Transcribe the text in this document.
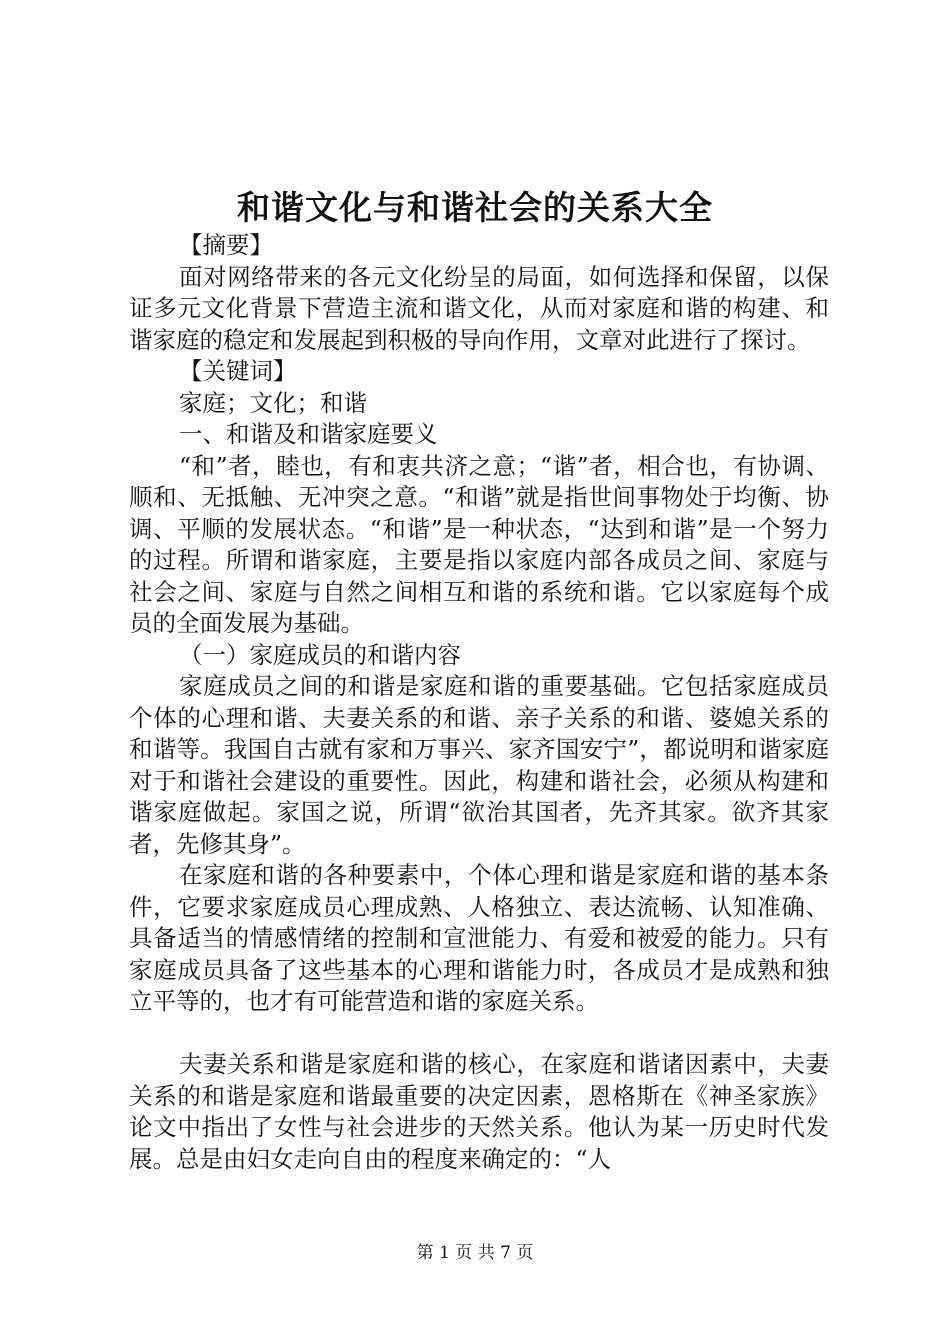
和谐文化与和谐社会的关系大全

【摘要】

面对网络带来的各元文化纷呈的局面，如何选择和保留，以保证多元文化背景下营造主流和谐文化，从而对家庭和谐的构建、和谐家庭的稳定和发展起到积极的导向作用，文章对此进行了探讨。

【关键词】

家庭；文化；和谐

一、和谐及和谐家庭要义

“和”者，睦也，有和衷共济之意；“谐”者，相合也，有协调、顺和、无抵触、无冲突之意。“和谐”就是指世间事物处于均衡、协调、平顺的发展状态。“和谐”是一种状态，“达到和谐”是一个努力的过程。所谓和谐家庭，主要是指以家庭内部各成员之间、家庭与社会之间、家庭与自然之间相互和谐的系统和谐。它以家庭每个成员的全面发展为基础。

（一）家庭成员的和谐内容

家庭成员之间的和谐是家庭和谐的重要基础。它包括家庭成员个体的心理和谐、夫妻关系的和谐、亲子关系的和谐、婆媳关系的和谐等。我国自古就有家和万事兴、家齐国安宁”，都说明和谐家庭对于和谐社会建设的重要性。因此，构建和谐社会，必须从构建和谐家庭做起。家国之说，所谓“欲治其国者，先齐其家。欲齐其家者，先修其身”。

在家庭和谐的各种要素中，个体心理和谐是家庭和谐的基本条件，它要求家庭成员心理成熟、人格独立、表达流畅、认知准确、具备适当的情感情绪的控制和宣泄能力、有爱和被爱的能力。只有家庭成员具备了这些基本的心理和谐能力时，各成员才是成熟和独立平等的，也才有可能营造和谐的家庭关系。

夫妻关系和谐是家庭和谐的核心，在家庭和谐诸因素中，夫妻关系的和谐是家庭和谐最重要的决定因素，恩格斯在《神圣家族》论文中指出了女性与社会进步的天然关系。他认为某一历史时代发展。总是由妇女走向自由的程度来确定的：“人

第 1 页 共 7 页
